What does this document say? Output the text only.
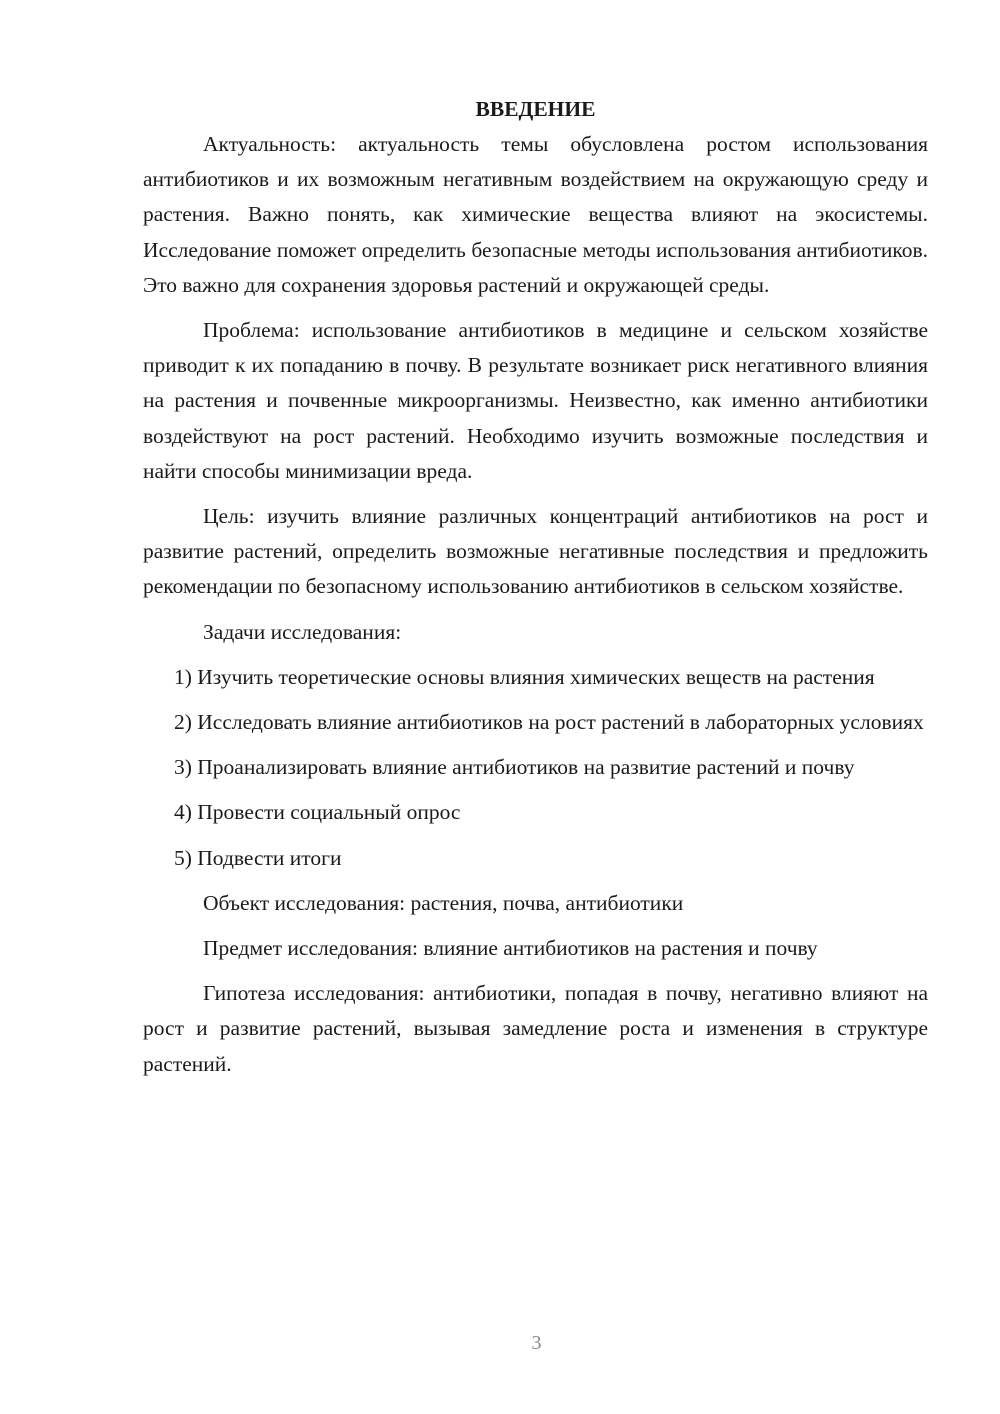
ВВЕДЕНИЕ

Актуальность: актуальность темы обусловлена ростом использования антибиотиков и их возможным негативным воздействием на окружающую среду и растения. Важно понять, как химические вещества влияют на экосистемы. Исследование поможет определить безопасные методы использования антибиотиков. Это важно для сохранения здоровья растений и окружающей среды.

Проблема: использование антибиотиков в медицине и сельском хозяйстве приводит к их попаданию в почву. В результате возникает риск негативного влияния на растения и почвенные микроорганизмы. Неизвестно, как именно антибиотики воздействуют на рост растений. Необходимо изучить возможные последствия и найти способы минимизации вреда.

Цель: изучить влияние различных концентраций антибиотиков на рост и развитие растений, определить возможные негативные последствия и предложить рекомендации по безопасному использованию антибиотиков в сельском хозяйстве.

Задачи исследования:

1) Изучить теоретические основы влияния химических веществ на растения

2) Исследовать влияние антибиотиков на рост растений в лабораторных условиях

3) Проанализировать влияние антибиотиков на развитие растений и почву

4) Провести социальный опрос

5) Подвести итоги

Объект исследования: растения, почва, антибиотики

Предмет исследования: влияние антибиотиков на растения и почву

Гипотеза исследования: антибиотики, попадая в почву, негативно влияют на рост и развитие растений, вызывая замедление роста и изменения в структуре растений.

3
